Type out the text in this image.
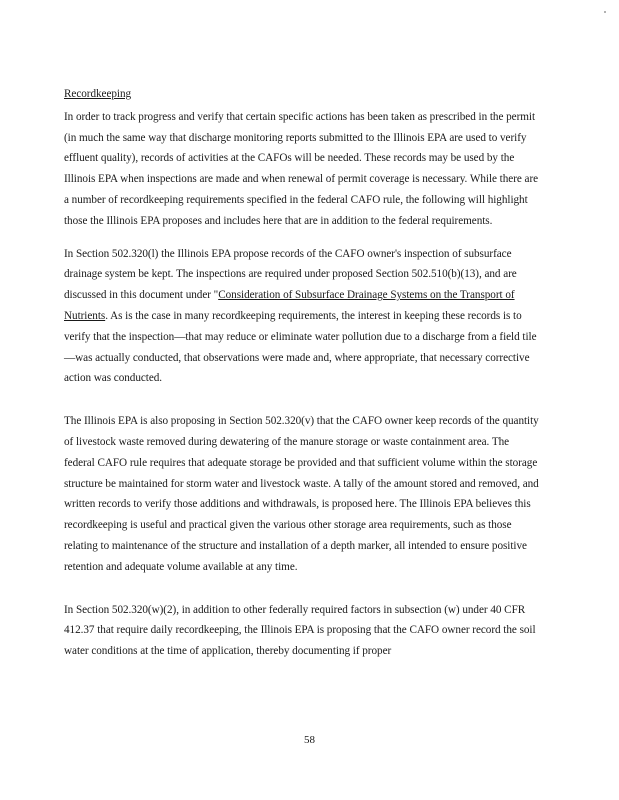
Recordkeeping

In order to track progress and verify that certain specific actions has been taken as prescribed in the permit (in much the same way that discharge monitoring reports submitted to the Illinois EPA are used to verify effluent quality), records of activities at the CAFOs will be needed. These records may be used by the Illinois EPA when inspections are made and when renewal of permit coverage is necessary. While there are a number of recordkeeping requirements specified in the federal CAFO rule, the following will highlight those the Illinois EPA proposes and includes here that are in addition to the federal requirements.

In Section 502.320(l) the Illinois EPA propose records of the CAFO owner's inspection of subsurface drainage system be kept. The inspections are required under proposed Section 502.510(b)(13), and are discussed in this document under "Consideration of Subsurface Drainage Systems on the Transport of Nutrients. As is the case in many recordkeeping requirements, the interest in keeping these records is to verify that the inspection—that may reduce or eliminate water pollution due to a discharge from a field tile—was actually conducted, that observations were made and, where appropriate, that necessary corrective action was conducted.

The Illinois EPA is also proposing in Section 502.320(v) that the CAFO owner keep records of the quantity of livestock waste removed during dewatering of the manure storage or waste containment area. The federal CAFO rule requires that adequate storage be provided and that sufficient volume within the storage structure be maintained for storm water and livestock waste. A tally of the amount stored and removed, and written records to verify those additions and withdrawals, is proposed here. The Illinois EPA believes this recordkeeping is useful and practical given the various other storage area requirements, such as those relating to maintenance of the structure and installation of a depth marker, all intended to ensure positive retention and adequate volume available at any time.

In Section 502.320(w)(2), in addition to other federally required factors in subsection (w) under 40 CFR 412.37 that require daily recordkeeping, the Illinois EPA is proposing that the CAFO owner record the soil water conditions at the time of application, thereby documenting if proper

58
